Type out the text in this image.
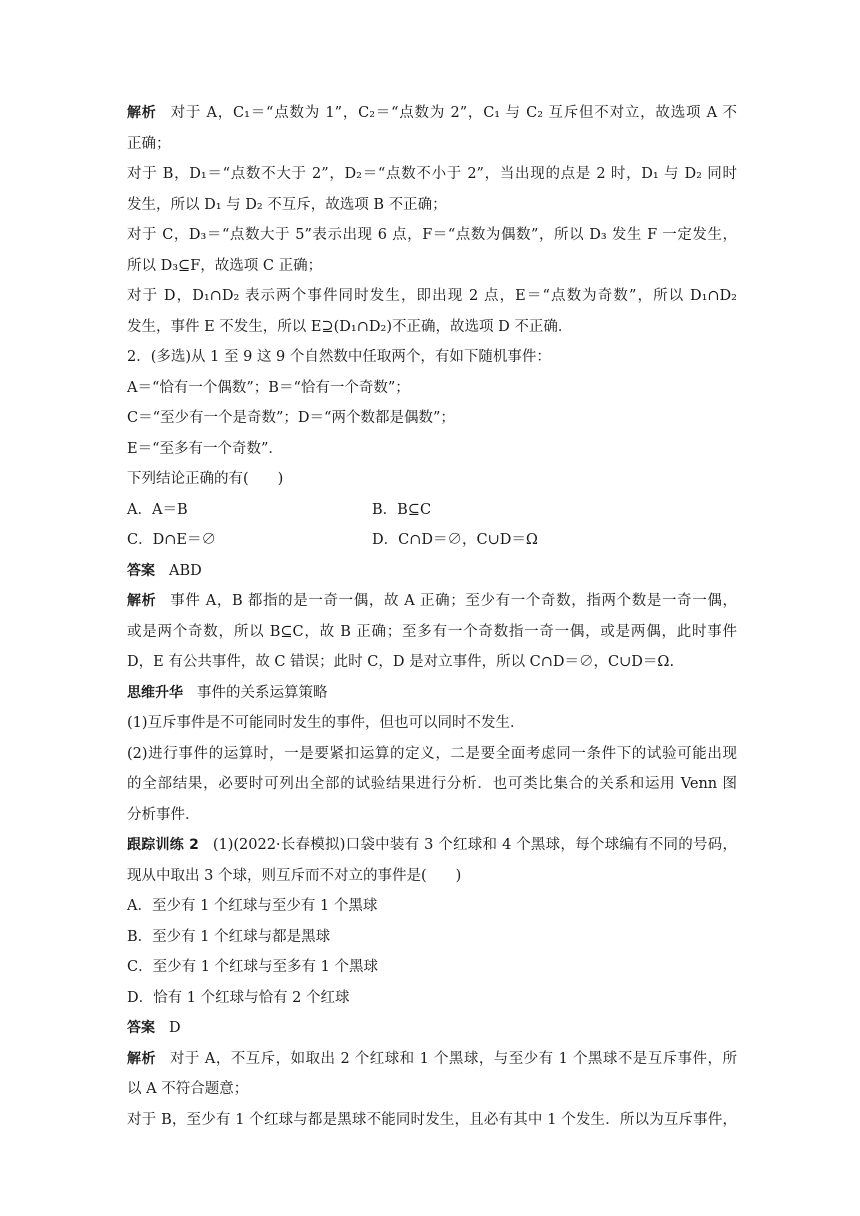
解析 对于 A，C₁＝“点数为 1”，C₂＝“点数为 2”，C₁ 与 C₂ 互斥但不对立，故选项 A 不
正确；
对于 B，D₁＝“点数不大于 2”，D₂＝“点数不小于 2”，当出现的点是 2 时，D₁ 与 D₂ 同时
发生，所以 D₁ 与 D₂ 不互斥，故选项 B 不正确；
对于 C，D₃＝“点数大于 5”表示出现 6 点，F＝“点数为偶数”，所以 D₃ 发生 F 一定发生，
所以 D₃⊆F，故选项 C 正确；
对于 D，D₁∩D₂ 表示两个事件同时发生，即出现 2 点，E＝“点数为奇数”，所以 D₁∩D₂
发生，事件 E 不发生，所以 E⊇(D₁∩D₂)不正确，故选项 D 不正确．
2．(多选)从 1 至 9 这 9 个自然数中任取两个，有如下随机事件：
A＝“恰有一个偶数”；B＝“恰有一个奇数”；
C＝“至少有一个是奇数”；D＝“两个数都是偶数”；
E＝“至多有一个奇数”．
下列结论正确的有(　　)
A．A＝B	B．B⊆C
C．D∩E＝∅	D．C∩D＝∅，C∪D＝Ω
答案 ABD
解析 事件 A，B 都指的是一奇一偶，故 A 正确；至少有一个奇数，指两个数是一奇一偶，
或是两个奇数，所以 B⊆C，故 B 正确；至多有一个奇数指一奇一偶，或是两偶，此时事件
D，E 有公共事件，故 C 错误；此时 C，D 是对立事件，所以 C∩D＝∅，C∪D＝Ω.
思维升华 事件的关系运算策略
(1)互斥事件是不可能同时发生的事件，但也可以同时不发生．
(2)进行事件的运算时，一是要紧扣运算的定义，二是要全面考虑同一条件下的试验可能出现
的全部结果，必要时可列出全部的试验结果进行分析．也可类比集合的关系和运用 Venn 图
分析事件．
跟踪训练 2 (1)(2022·长春模拟)口袋中装有 3 个红球和 4 个黑球，每个球编有不同的号码，
现从中取出 3 个球，则互斥而不对立的事件是(　　)
A．至少有 1 个红球与至少有 1 个黑球
B．至少有 1 个红球与都是黑球
C．至少有 1 个红球与至多有 1 个黑球
D．恰有 1 个红球与恰有 2 个红球
答案 D
解析 对于 A，不互斥，如取出 2 个红球和 1 个黑球，与至少有 1 个黑球不是互斥事件，所
以 A 不符合题意；
对于 B，至少有 1 个红球与都是黑球不能同时发生，且必有其中 1 个发生．所以为互斥事件，
